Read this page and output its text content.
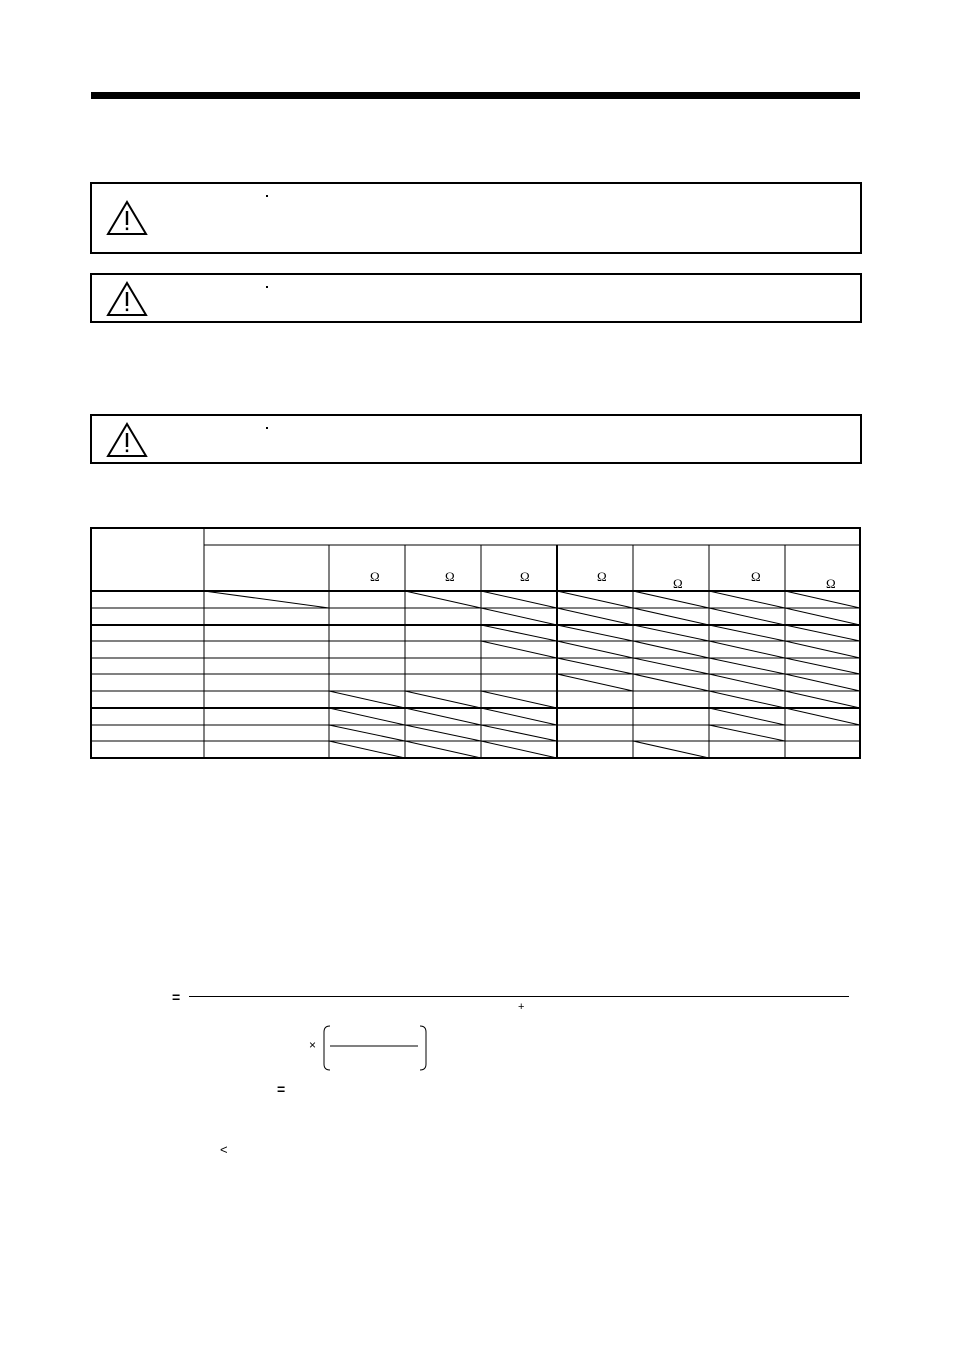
Ω	Ω	Ω	Ω	Ω	Ω	Ω
=
+
×
=
<
